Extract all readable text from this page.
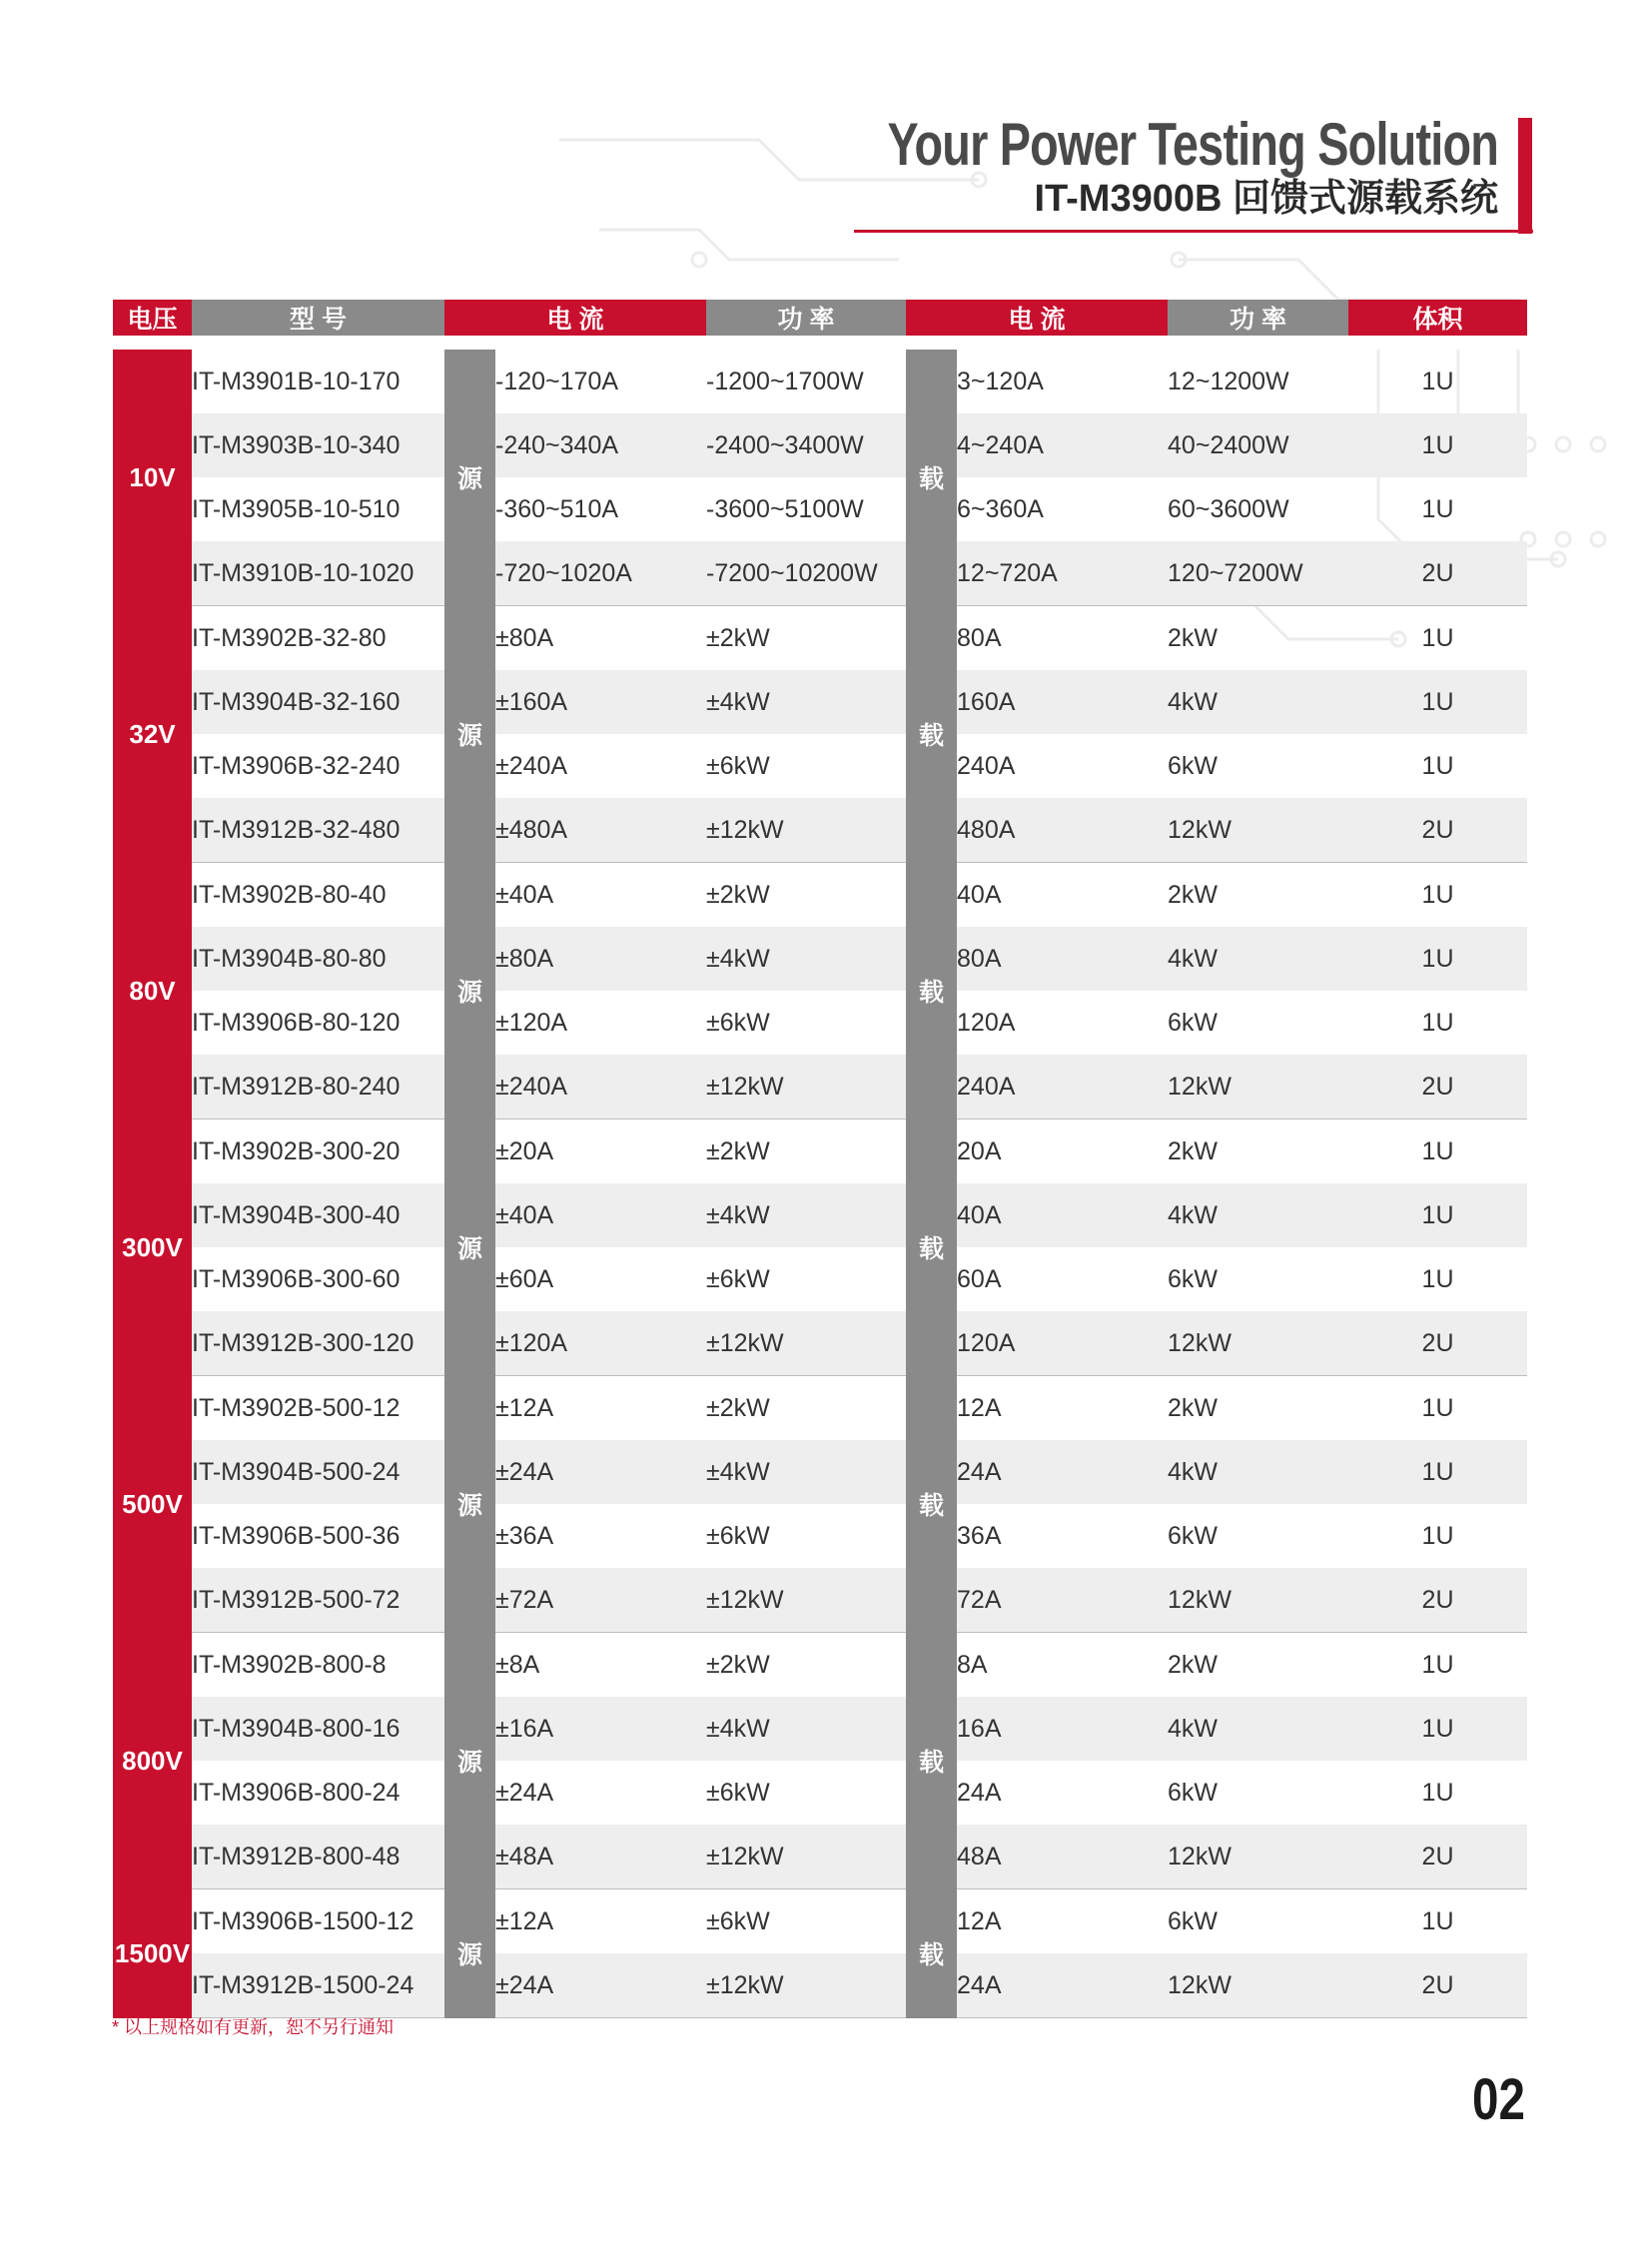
Your Power Testing Solution
IT-M3900B 回馈式源载系统
电压	型 号	电 流		功 率	电 流		功 率	体积
10V	IT-M3901B-10-170	源	-120~170A	-1200~1700W	载	3~120A	12~1200W	1U
	IT-M3903B-10-340		-240~340A	-2400~3400W		4~240A	40~2400W	1U
	IT-M3905B-10-510		-360~510A	-3600~5100W		6~360A	60~3600W	1U
	IT-M3910B-10-1020		-720~1020A	-7200~10200W		12~720A	120~7200W	2U
32V	IT-M3902B-32-80	源	±80A	±2kW	载	80A	2kW	1U
	IT-M3904B-32-160		±160A	±4kW		160A	4kW	1U
	IT-M3906B-32-240		±240A	±6kW		240A	6kW	1U
	IT-M3912B-32-480		±480A	±12kW		480A	12kW	2U
80V	IT-M3902B-80-40	源	±40A	±2kW	载	40A	2kW	1U
	IT-M3904B-80-80		±80A	±4kW		80A	4kW	1U
	IT-M3906B-80-120		±120A	±6kW		120A	6kW	1U
	IT-M3912B-80-240		±240A	±12kW		240A	12kW	2U
300V	IT-M3902B-300-20	源	±20A	±2kW	载	20A	2kW	1U
	IT-M3904B-300-40		±40A	±4kW		40A	4kW	1U
	IT-M3906B-300-60		±60A	±6kW		60A	6kW	1U
	IT-M3912B-300-120		±120A	±12kW		120A	12kW	2U
500V	IT-M3902B-500-12	源	±12A	±2kW	载	12A	2kW	1U
	IT-M3904B-500-24		±24A	±4kW		24A	4kW	1U
	IT-M3906B-500-36		±36A	±6kW		36A	6kW	1U
	IT-M3912B-500-72		±72A	±12kW		72A	12kW	2U
800V	IT-M3902B-800-8	源	±8A	±2kW	载	8A	2kW	1U
	IT-M3904B-800-16		±16A	±4kW		16A	4kW	1U
	IT-M3906B-800-24		±24A	±6kW		24A	6kW	1U
	IT-M3912B-800-48		±48A	±12kW		48A	12kW	2U
1500V	IT-M3906B-1500-12	源	±12A	±6kW	载	12A	6kW	1U
	IT-M3912B-1500-24		±24A	±12kW		24A	12kW	2U
* 以上规格如有更新，恕不另行通知
02
